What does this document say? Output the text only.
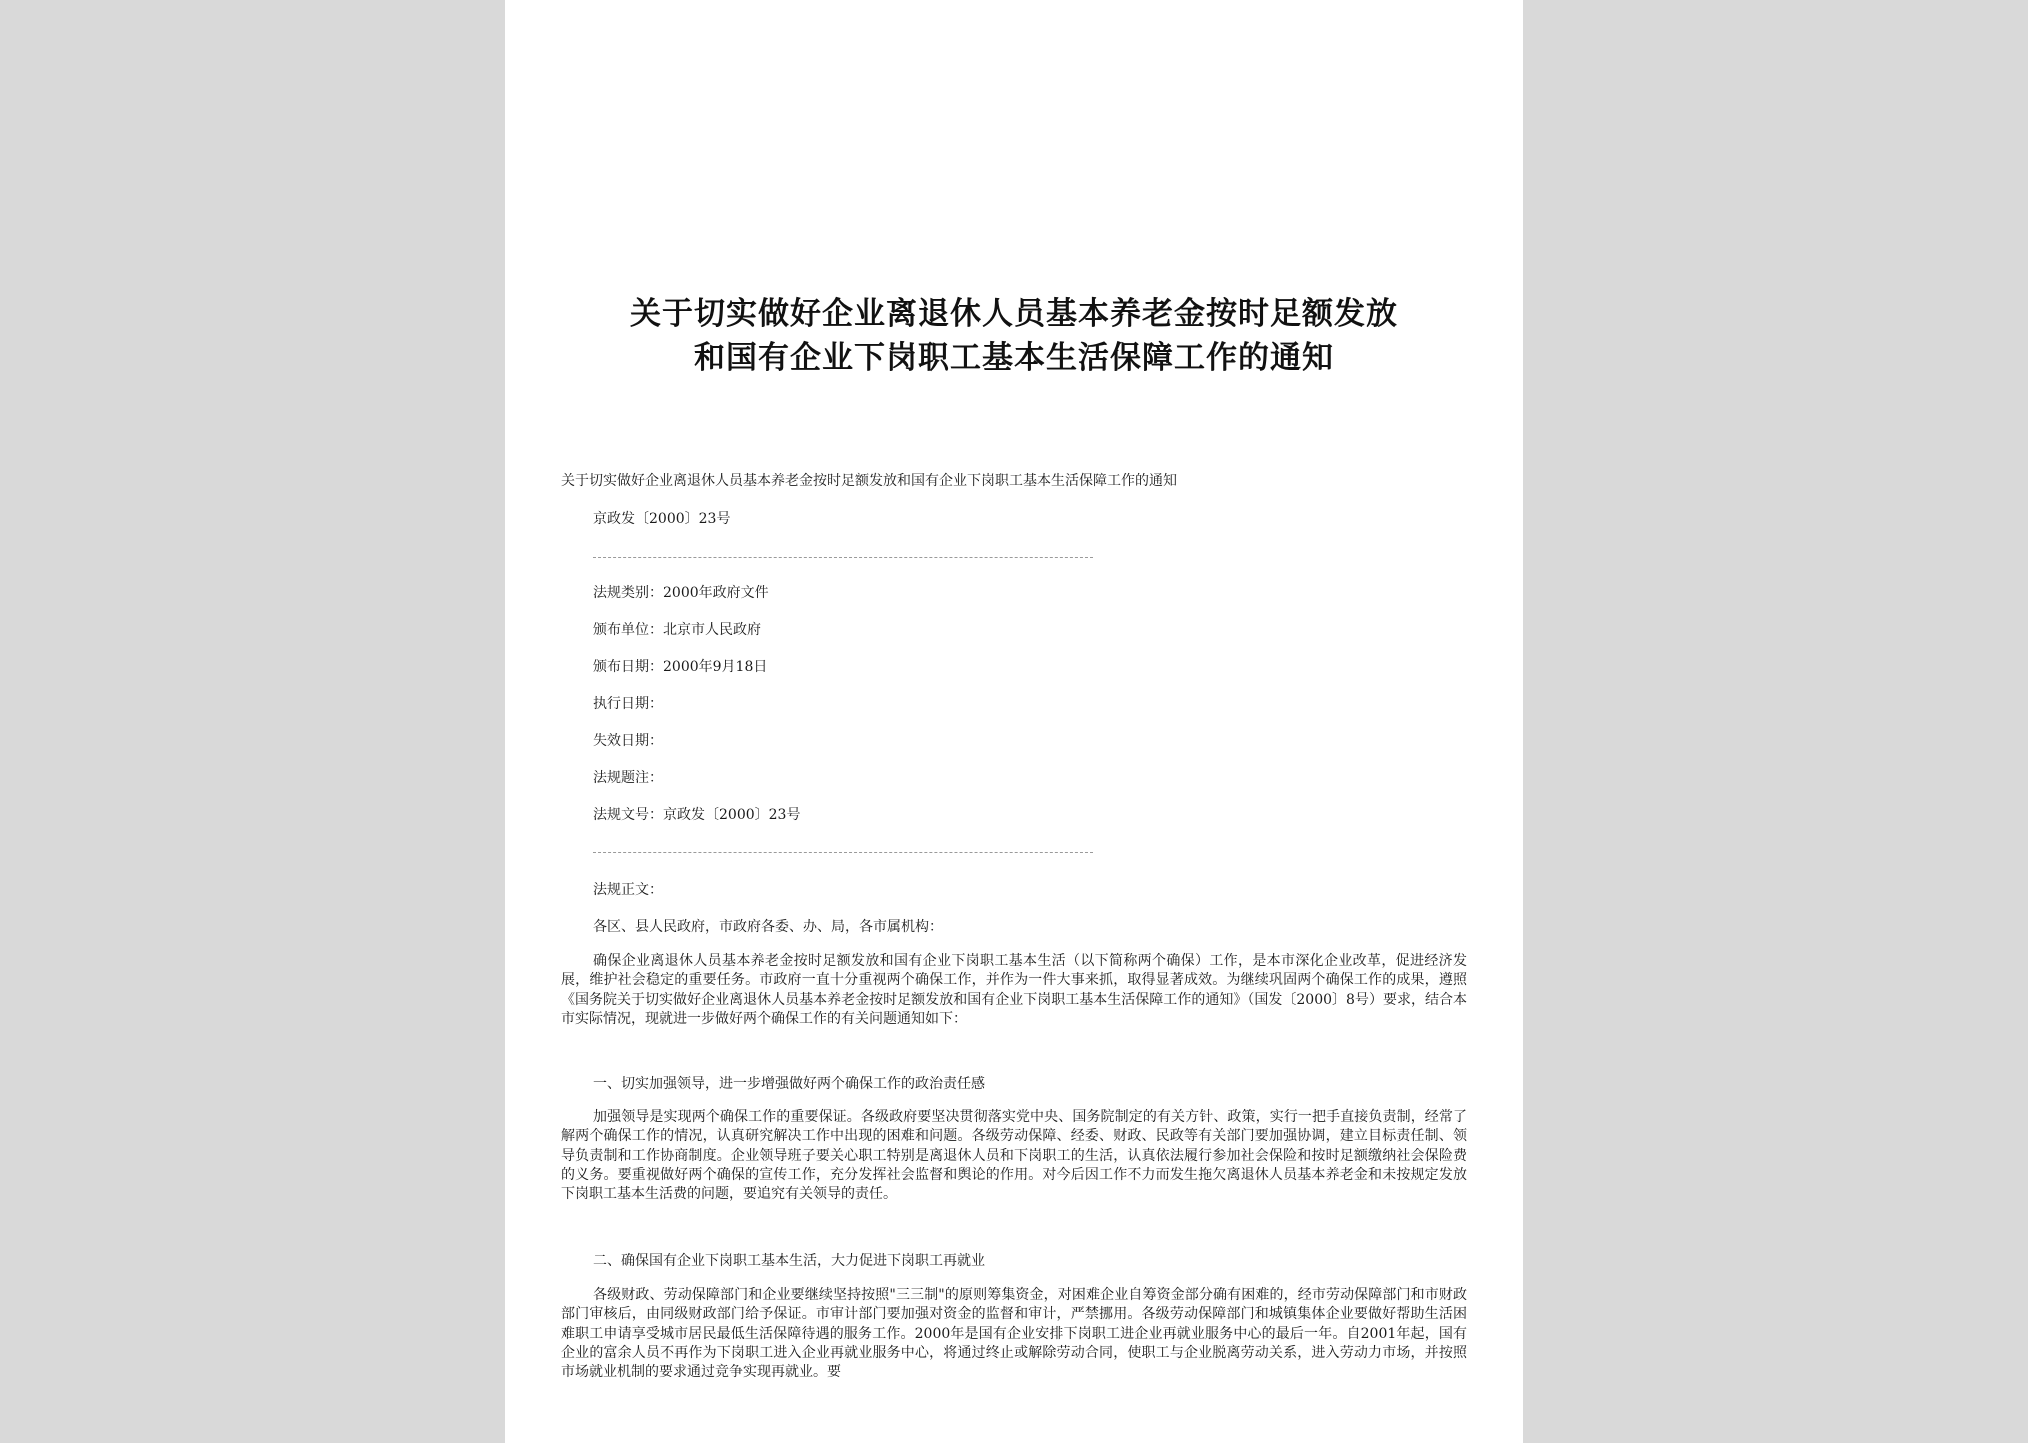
关于切实做好企业离退休人员基本养老金按时足额发放
和国有企业下岗职工基本生活保障工作的通知
关于切实做好企业离退休人员基本养老金按时足额发放和国有企业下岗职工基本生活保障工作的通知
京政发〔2000〕23号
法规类别：2000年政府文件
颁布单位：北京市人民政府
颁布日期：2000年9月18日
执行日期：
失效日期：
法规题注：
法规文号：京政发〔2000〕23号
法规正文：
各区、县人民政府，市政府各委、办、局，各市属机构：
确保企业离退休人员基本养老金按时足额发放和国有企业下岗职工基本生活（以下简称两个确保）工作，是本市深化企业改革，促进经济发展，维护社会稳定的重要任务。市政府一直十分重视两个确保工作，并作为一件大事来抓，取得显著成效。为继续巩固两个确保工作的成果，遵照《国务院关于切实做好企业离退休人员基本养老金按时足额发放和国有企业下岗职工基本生活保障工作的通知》（国发〔2000〕8号）要求，结合本市实际情况，现就进一步做好两个确保工作的有关问题通知如下：
一、切实加强领导，进一步增强做好两个确保工作的政治责任感
加强领导是实现两个确保工作的重要保证。各级政府要坚决贯彻落实党中央、国务院制定的有关方针、政策，实行一把手直接负责制，经常了解两个确保工作的情况，认真研究解决工作中出现的困难和问题。各级劳动保障、经委、财政、民政等有关部门要加强协调，建立目标责任制、领导负责制和工作协商制度。企业领导班子要关心职工特别是离退休人员和下岗职工的生活，认真依法履行参加社会保险和按时足额缴纳社会保险费的义务。要重视做好两个确保的宣传工作，充分发挥社会监督和舆论的作用。对今后因工作不力而发生拖欠离退休人员基本养老金和未按规定发放下岗职工基本生活费的问题，要追究有关领导的责任。
二、确保国有企业下岗职工基本生活，大力促进下岗职工再就业
各级财政、劳动保障部门和企业要继续坚持按照"三三制"的原则筹集资金，对困难企业自筹资金部分确有困难的，经市劳动保障部门和市财政部门审核后，由同级财政部门给予保证。市审计部门要加强对资金的监督和审计，严禁挪用。各级劳动保障部门和城镇集体企业要做好帮助生活困难职工申请享受城市居民最低生活保障待遇的服务工作。2000年是国有企业安排下岗职工进企业再就业服务中心的最后一年。自2001年起，国有企业的富余人员不再作为下岗职工进入企业再就业服务中心，将通过终止或解除劳动合同，使职工与企业脱离劳动关系，进入劳动力市场，并按照市场就业机制的要求通过竞争实现再就业。要
